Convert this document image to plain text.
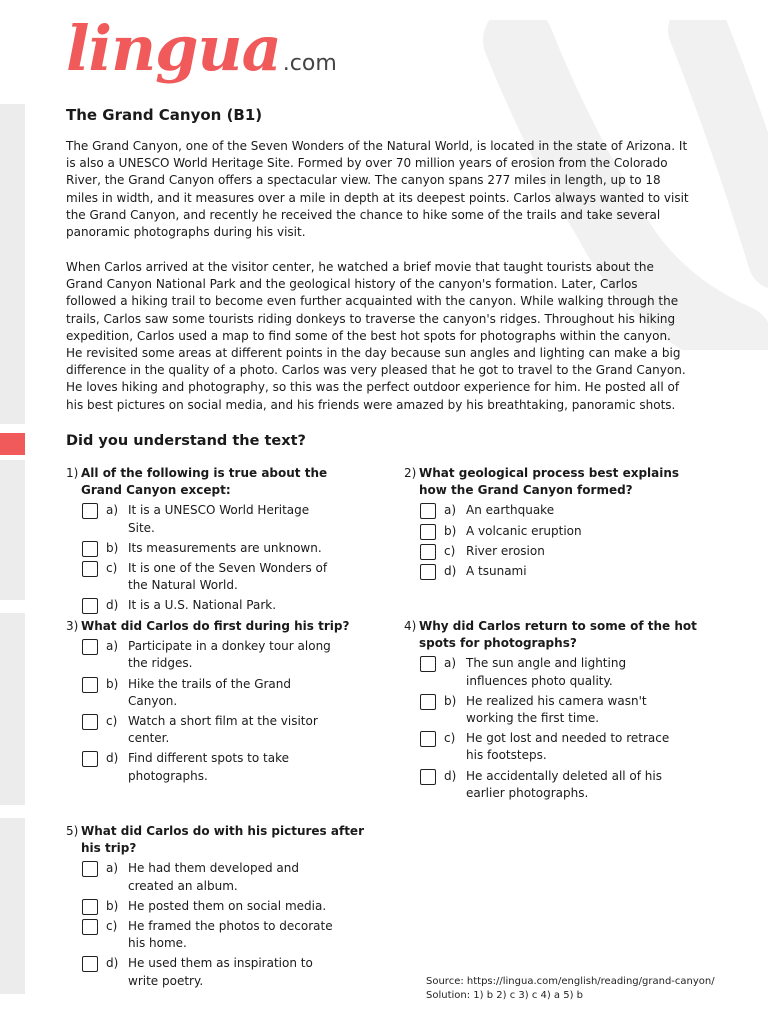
lingua.com
The Grand Canyon (B1)

The Grand Canyon, one of the Seven Wonders of the Natural World, is located in the state of Arizona. It is also a UNESCO World Heritage Site. Formed by over 70 million years of erosion from the Colorado River, the Grand Canyon offers a spectacular view. The canyon spans 277 miles in length, up to 18 miles in width, and it measures over a mile in depth at its deepest points. Carlos always wanted to visit the Grand Canyon, and recently he received the chance to hike some of the trails and take several panoramic photographs during his visit.

When Carlos arrived at the visitor center, he watched a brief movie that taught tourists about the Grand Canyon National Park and the geological history of the canyon's formation. Later, Carlos followed a hiking trail to become even further acquainted with the canyon. While walking through the trails, Carlos saw some tourists riding donkeys to traverse the canyon's ridges. Throughout his hiking expedition, Carlos used a map to find some of the best hot spots for photographs within the canyon. He revisited some areas at different points in the day because sun angles and lighting can make a big difference in the quality of a photo. Carlos was very pleased that he got to travel to the Grand Canyon. He loves hiking and photography, so this was the perfect outdoor experience for him. He posted all of his best pictures on social media, and his friends were amazed by his breathtaking, panoramic shots.

Did you understand the text?
1) All of the following is true about the Grand Canyon except:
a) It is a UNESCO World Heritage Site.
b) Its measurements are unknown.
c) It is one of the Seven Wonders of the Natural World.
d) It is a U.S. National Park.
2) What geological process best explains how the Grand Canyon formed?
a) An earthquake
b) A volcanic eruption
c) River erosion
d) A tsunami
3) What did Carlos do first during his trip?
a) Participate in a donkey tour along the ridges.
b) Hike the trails of the Grand Canyon.
c) Watch a short film at the visitor center.
d) Find different spots to take photographs.
4) Why did Carlos return to some of the hot spots for photographs?
a) The sun angle and lighting influences photo quality.
b) He realized his camera wasn't working the first time.
c) He got lost and needed to retrace his footsteps.
d) He accidentally deleted all of his earlier photographs.
5) What did Carlos do with his pictures after his trip?
a) He had them developed and created an album.
b) He posted them on social media.
c) He framed the photos to decorate his home.
d) He used them as inspiration to write poetry.	Source: https://lingua.com/english/reading/grand-canyon/
Solution: 1) b 2) c 3) c 4) a 5) b
